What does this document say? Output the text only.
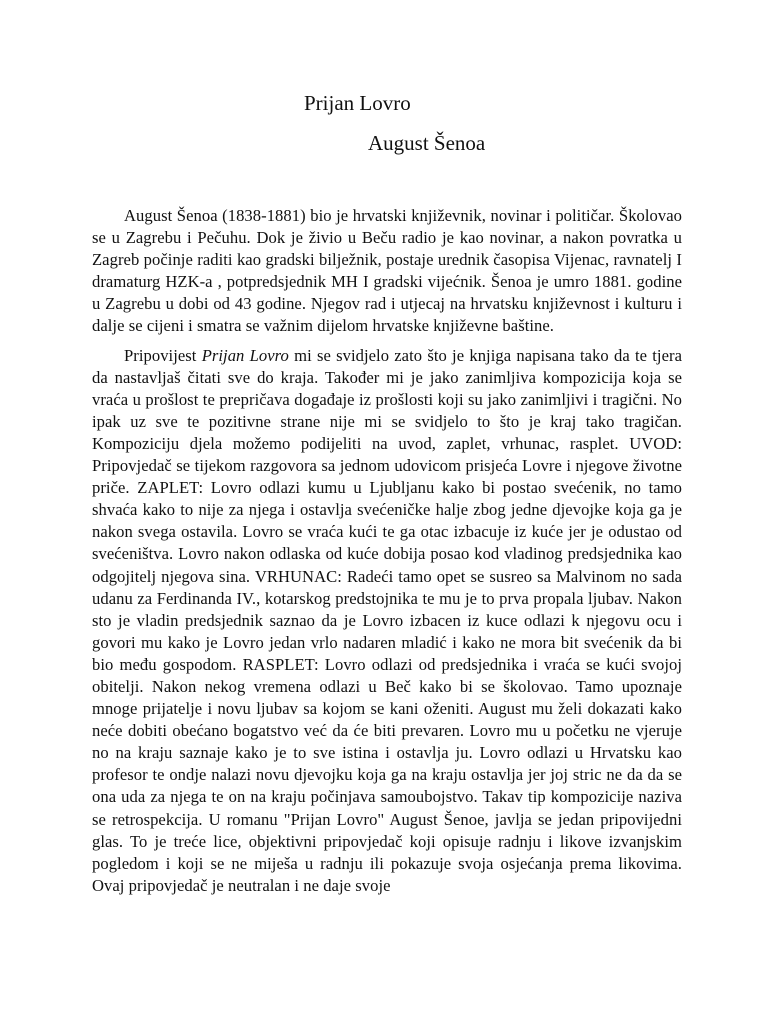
Prijan Lovro
August Šenoa

August Šenoa (1838-1881) bio je hrvatski književnik, novinar i političar. Školovao se u Zagrebu i Pečuhu. Dok je živio u Beču radio je kao novinar, a nakon povratka u Zagreb počinje raditi kao gradski bilježnik, postaje urednik časopisa Vijenac, ravnatelj I dramaturg HZK-a , potpredsjednik MH I gradski vijećnik. Šenoa je umro 1881. godine u Zagrebu u dobi od 43 godine. Njegov rad i utjecaj na hrvatsku književnost i kulturu i dalje se cijeni i smatra se važnim dijelom hrvatske književne baštine.

Pripovijest Prijan Lovro mi se svidjelo zato što je knjiga napisana tako da te tjera da nastavljaš čitati sve do kraja. Također mi je jako zanimljiva kompozicija koja se vraća u prošlost te prepričava događaje iz prošlosti koji su jako zanimljivi i tragični. No ipak uz sve te pozitivne strane nije mi se svidjelo to što je kraj tako tragičan. Kompoziciju djela možemo podijeliti na uvod, zaplet, vrhunac, rasplet. UVOD: Pripovjedač se tijekom razgovora sa jednom udovicom prisjeća Lovre i njegove životne priče. ZAPLET: Lovro odlazi kumu u Ljubljanu kako bi postao svećenik, no tamo shvaća kako to nije za njega i ostavlja svećeničke halje zbog jedne djevojke koja ga je nakon svega ostavila. Lovro se vraća kući te ga otac izbacuje iz kuće jer je odustao od svećeništva. Lovro nakon odlaska od kuće dobija posao kod vladinog predsjednika kao odgojitelj njegova sina. VRHUNAC: Radeći tamo opet se susreo sa Malvinom no sada udanu za Ferdinanda IV., kotarskog predstojnika te mu je to prva propala ljubav. Nakon sto je vladin predsjednik saznao da je Lovro izbacen iz kuce odlazi k njegovu ocu i govori mu kako je Lovro jedan vrlo nadaren mladić i kako ne mora bit svećenik da bi bio među gospodom. RASPLET: Lovro odlazi od predsjednika i vraća se kući svojoj obitelji. Nakon nekog vremena odlazi u Beč kako bi se školovao. Tamo upoznaje mnoge prijatelje i novu ljubav sa kojom se kani oženiti. August mu želi dokazati kako neće dobiti obećano bogatstvo već da će biti prevaren. Lovro mu u početku ne vjeruje no na kraju saznaje kako je to sve istina i ostavlja ju. Lovro odlazi u Hrvatsku kao profesor te ondje nalazi novu djevojku koja ga na kraju ostavlja jer joj stric ne da da se ona uda za njega te on na kraju počinjava samoubojstvo. Takav tip kompozicije naziva se retrospekcija. U romanu "Prijan Lovro" August Šenoe, javlja se jedan pripovijedni glas. To je treće lice, objektivni pripovjedač koji opisuje radnju i likove izvanjskim pogledom i koji se ne miješa u radnju ili pokazuje svoja osjećanja prema likovima. Ovaj pripovjedač je neutralan i ne daje svoje
